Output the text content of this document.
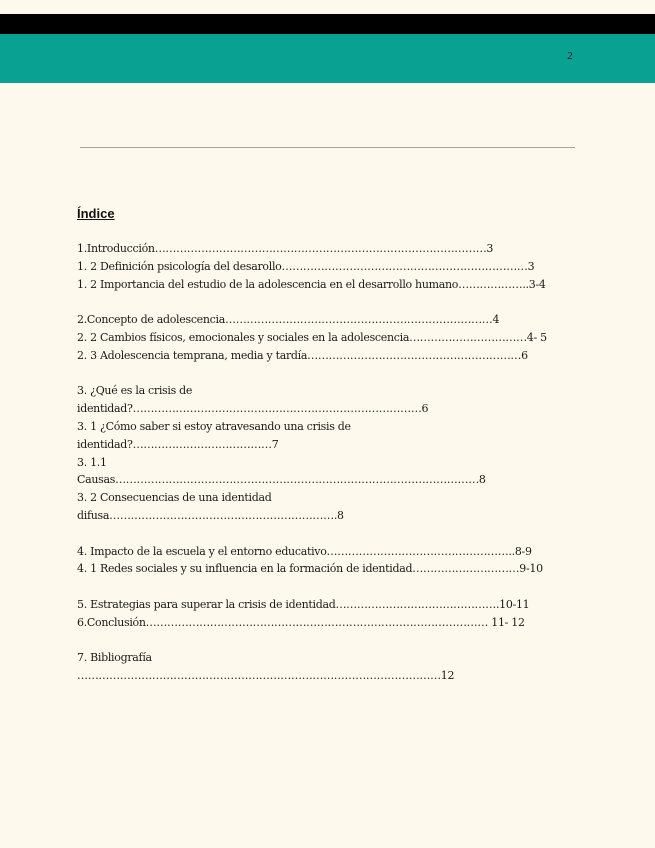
2
Índice
1.Introducción…………………………………………………………………………………3
1. 2 Definición psicología del desarollo……………………………………………………………3
1. 2 Importancia del estudio de la adolescencia en el desarrollo humano………………..3-4
2.Concepto de adolescencia…………………………………………………………………4
2. 2 Cambios físicos, emocionales y sociales en la adolescencia……………………………4- 5
2. 3 Adolescencia temprana, media y tardía……………………………………………………6
3. ¿Qué es la crisis de
identidad?………………………………………………………………………6
3. 1 ¿Cómo saber si estoy atravesando una crisis de
identidad?…………………………………7
3. 1.1
Causas…………………………………………………………………………………………8
3. 2 Consecuencias de una identidad
difusa……………………………………………………….8
4. Impacto de la escuela y el entorno educativo……………………………………………..8-9
4. 1 Redes sociales y su influencia en la formación de identidad…………………………9-10
5. Estrategias para superar la crisis de identidad……………………………………….10-11
6.Conclusión…………………………………………………………………………………… 11- 12
7. Bibliografía
…………………………………………………………………………………………12
